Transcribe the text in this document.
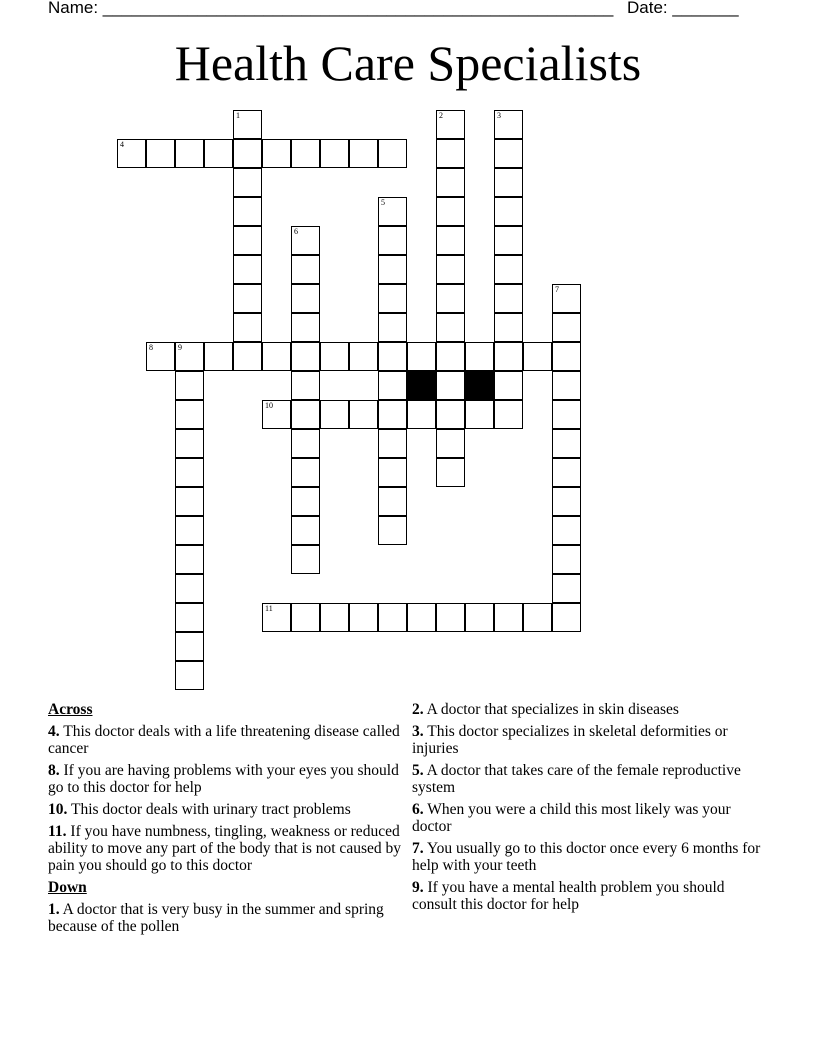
Name: ______________________________________________________ Date: _______
Health Care Specialists
1	2	3
4
5
6
7
8	9
10
11
Across
4. This doctor deals with a life threatening disease called cancer
8. If you are having problems with your eyes you should go to this doctor for help
10. This doctor deals with urinary tract problems
11. If you have numbness, tingling, weakness or reduced ability to move any part of the body that is not caused by pain you should go to this doctor
Down
1. A doctor that is very busy in the summer and spring because of the pollen
2. A doctor that specializes in skin diseases
3. This doctor specializes in skeletal deformities or injuries
5. A doctor that takes care of the female reproductive system
6. When you were a child this most likely was your doctor
7. You usually go to this doctor once every 6 months for help with your teeth
9. If you have a mental health problem you should consult this doctor for help
